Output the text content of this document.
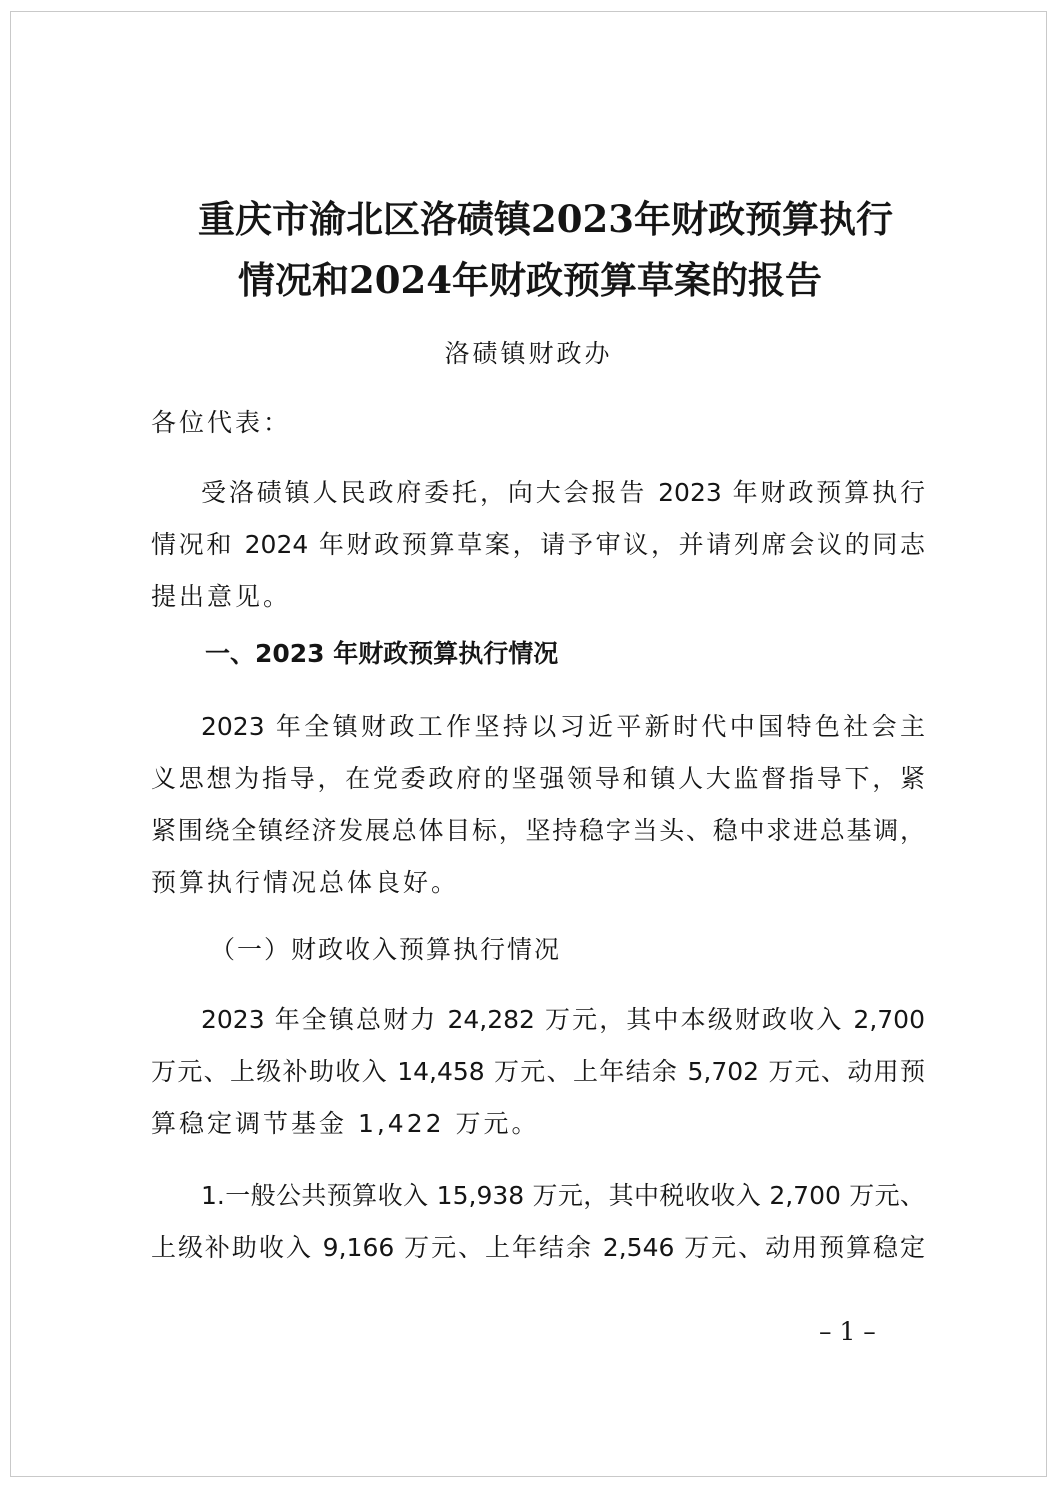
重庆市渝北区洛碛镇2023年财政预算执行
情况和2024年财政预算草案的报告
洛碛镇财政办
各位代表：
受洛碛镇人民政府委托，向大会报告 2023 年财政预算执行
情况和 2024 年财政预算草案，请予审议，并请列席会议的同志
提出意见。
一、2023 年财政预算执行情况
2023 年全镇财政工作坚持以习近平新时代中国特色社会主
义思想为指导，在党委政府的坚强领导和镇人大监督指导下，紧
紧围绕全镇经济发展总体目标，坚持稳字当头、稳中求进总基调，
预算执行情况总体良好。
（一）财政收入预算执行情况
2023 年全镇总财力 24,282 万元，其中本级财政收入 2,700
万元、上级补助收入 14,458 万元、上年结余 5,702 万元、动用预
算稳定调节基金 1,422 万元。
1.一般公共预算收入 15,938 万元，其中税收收入 2,700 万元、
上级补助收入 9,166 万元、上年结余 2,546 万元、动用预算稳定
– 1 –
